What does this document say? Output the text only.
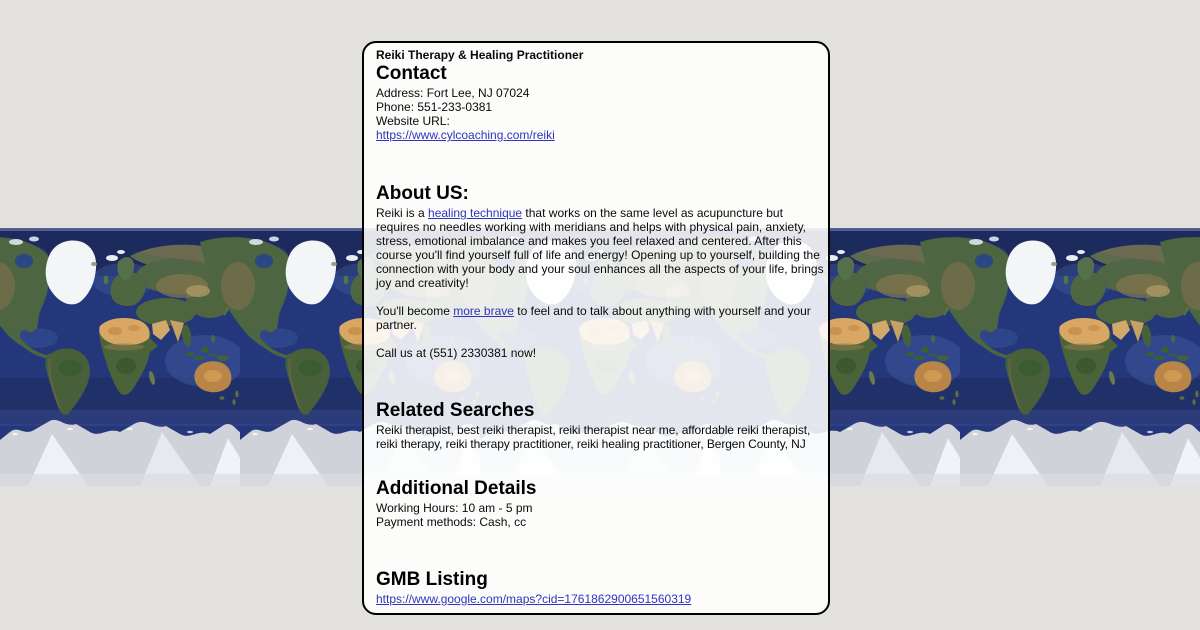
Reiki Therapy & Healing Practitioner
Contact
Address: Fort Lee, NJ 07024
Phone: 551-233-0381
Website URL:
https://www.cylcoaching.com/reiki
About US:

Reiki is a healing technique that works on the same level as acupuncture but requires no needles working with meridians and helps with physical pain, anxiety, stress, emotional imbalance and makes you feel relaxed and centered. After this course you'll find yourself full of life and energy! Opening up to yourself, building the connection with your body and your soul enhances all the aspects of your life, brings joy and creativity!

You'll become more brave to feel and to talk about anything with yourself and your partner.

Call us at (551) 2330381 now!

Related Searches
Reiki therapist, best reiki therapist, reiki therapist near me, affordable reiki therapist, reiki therapy, reiki therapy practitioner, reiki healing practitioner, Bergen County, NJ
Additional Details
Working Hours: 10 am - 5 pm
Payment methods: Cash, cc
GMB Listing
https://www.google.com/maps?cid=1761862900651560319
